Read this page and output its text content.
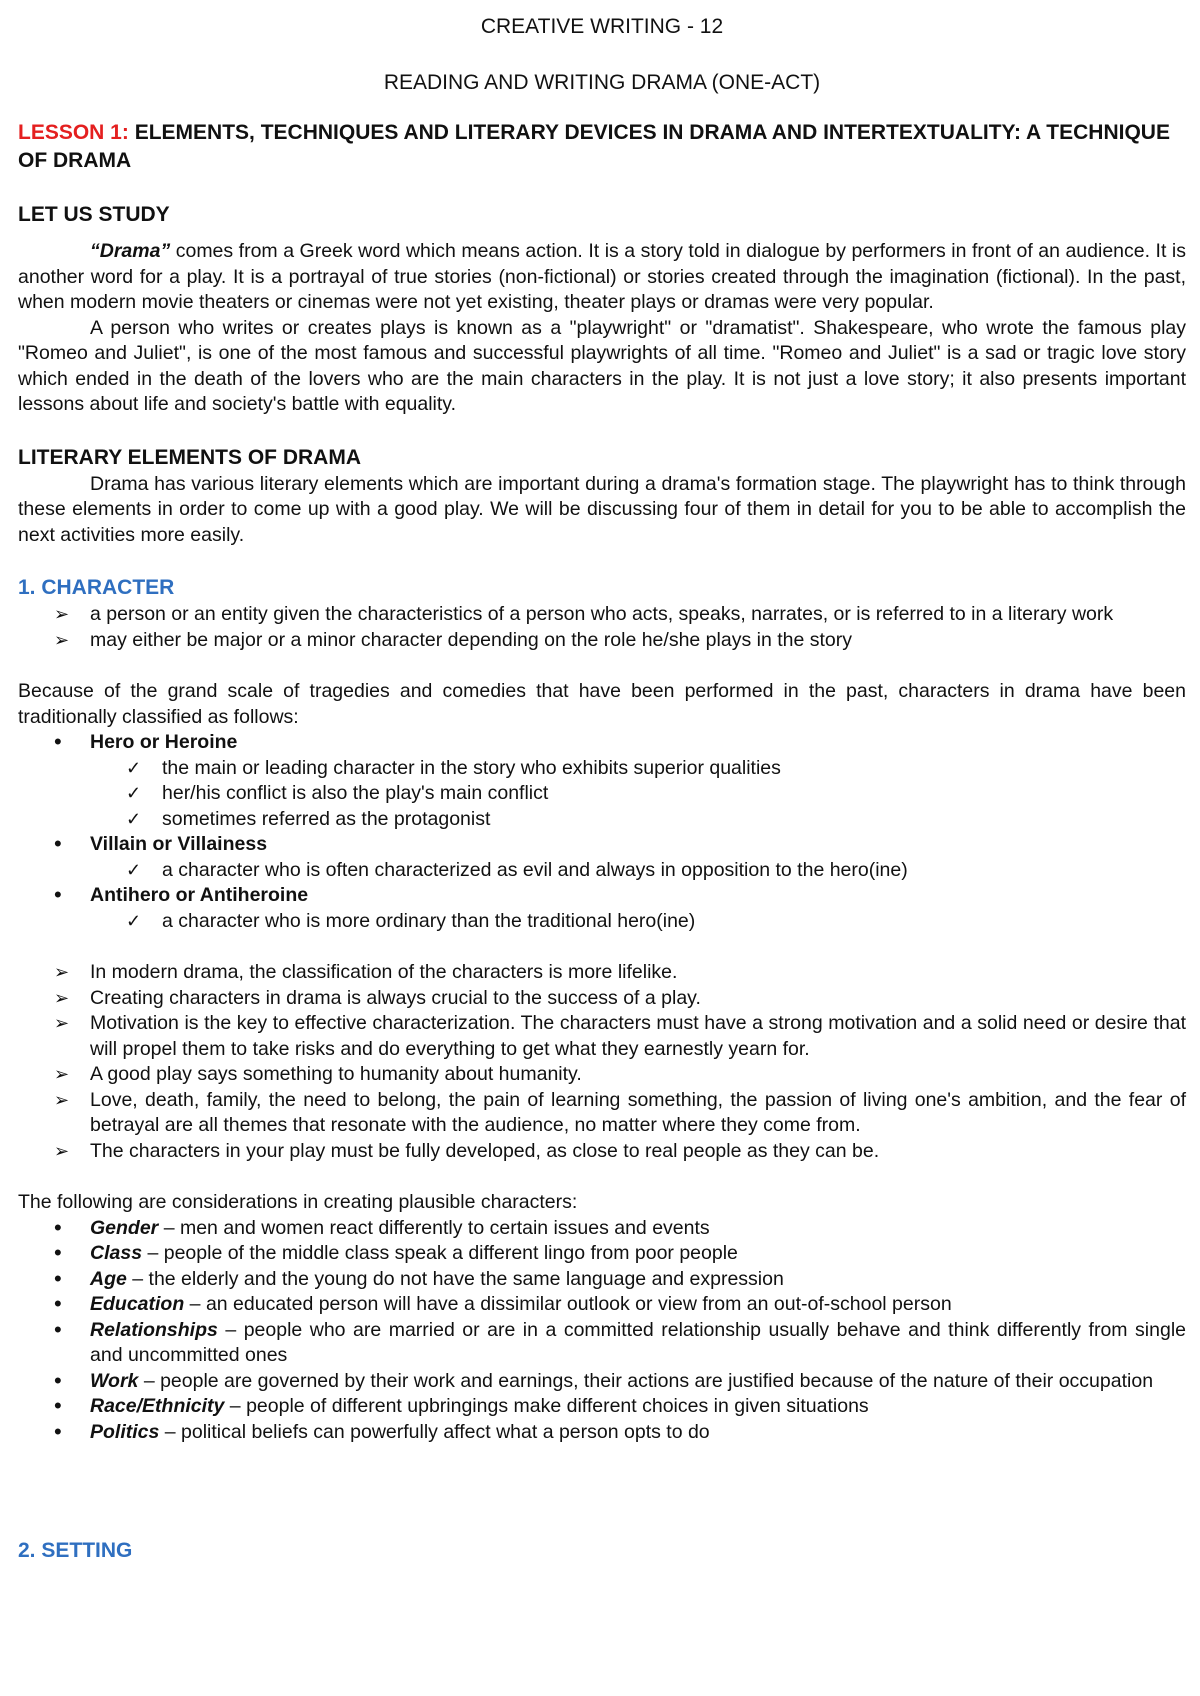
CREATIVE WRITING - 12
READING AND WRITING DRAMA (ONE-ACT)
LESSON 1: ELEMENTS, TECHNIQUES AND LITERARY DEVICES IN DRAMA AND INTERTEXTUALITY: A TECHNIQUE OF DRAMA
LET US STUDY

“Drama” comes from a Greek word which means action. It is a story told in dialogue by performers in front of an audience. It is another word for a play. It is a portrayal of true stories (non-fictional) or stories created through the imagination (fictional). In the past, when modern movie theaters or cinemas were not yet existing, theater plays or dramas were very popular.

A person who writes or creates plays is known as a "playwright" or "dramatist". Shakespeare, who wrote the famous play "Romeo and Juliet", is one of the most famous and successful playwrights of all time. "Romeo and Juliet" is a sad or tragic love story which ended in the death of the lovers who are the main characters in the play. It is not just a love story; it also presents important lessons about life and society's battle with equality.

LITERARY ELEMENTS OF DRAMA

Drama has various literary elements which are important during a drama's formation stage. The playwright has to think through these elements in order to come up with a good play. We will be discussing four of them in detail for you to be able to accomplish the next activities more easily.

1. CHARACTER
➢ a person or an entity given the characteristics of a person who acts, speaks, narrates, or is referred to in a literary work
➢ may either be major or a minor character depending on the role he/she plays in the story

Because of the grand scale of tragedies and comedies that have been performed in the past, characters in drama have been traditionally classified as follows:

• Hero or Heroine
✓ the main or leading character in the story who exhibits superior qualities
✓ her/his conflict is also the play's main conflict
✓ sometimes referred as the protagonist
• Villain or Villainess
✓ a character who is often characterized as evil and always in opposition to the hero(ine)
• Antihero or Antiheroine
✓ a character who is more ordinary than the traditional hero(ine)
➢ In modern drama, the classification of the characters is more lifelike.
➢ Creating characters in drama is always crucial to the success of a play.
➢ Motivation is the key to effective characterization. The characters must have a strong motivation and a solid need or desire that will propel them to take risks and do everything to get what they earnestly yearn for.
➢ A good play says something to humanity about humanity.
➢ Love, death, family, the need to belong, the pain of learning something, the passion of living one's ambition, and the fear of betrayal are all themes that resonate with the audience, no matter where they come from.
➢ The characters in your play must be fully developed, as close to real people as they can be.

The following are considerations in creating plausible characters:

• Gender – men and women react differently to certain issues and events
• Class – people of the middle class speak a different lingo from poor people
• Age – the elderly and the young do not have the same language and expression
• Education – an educated person will have a dissimilar outlook or view from an out-of-school person
• Relationships – people who are married or are in a committed relationship usually behave and think differently from single and uncommitted ones
• Work – people are governed by their work and earnings, their actions are justified because of the nature of their occupation
• Race/Ethnicity – people of different upbringings make different choices in given situations
• Politics – political beliefs can powerfully affect what a person opts to do
2. SETTING
